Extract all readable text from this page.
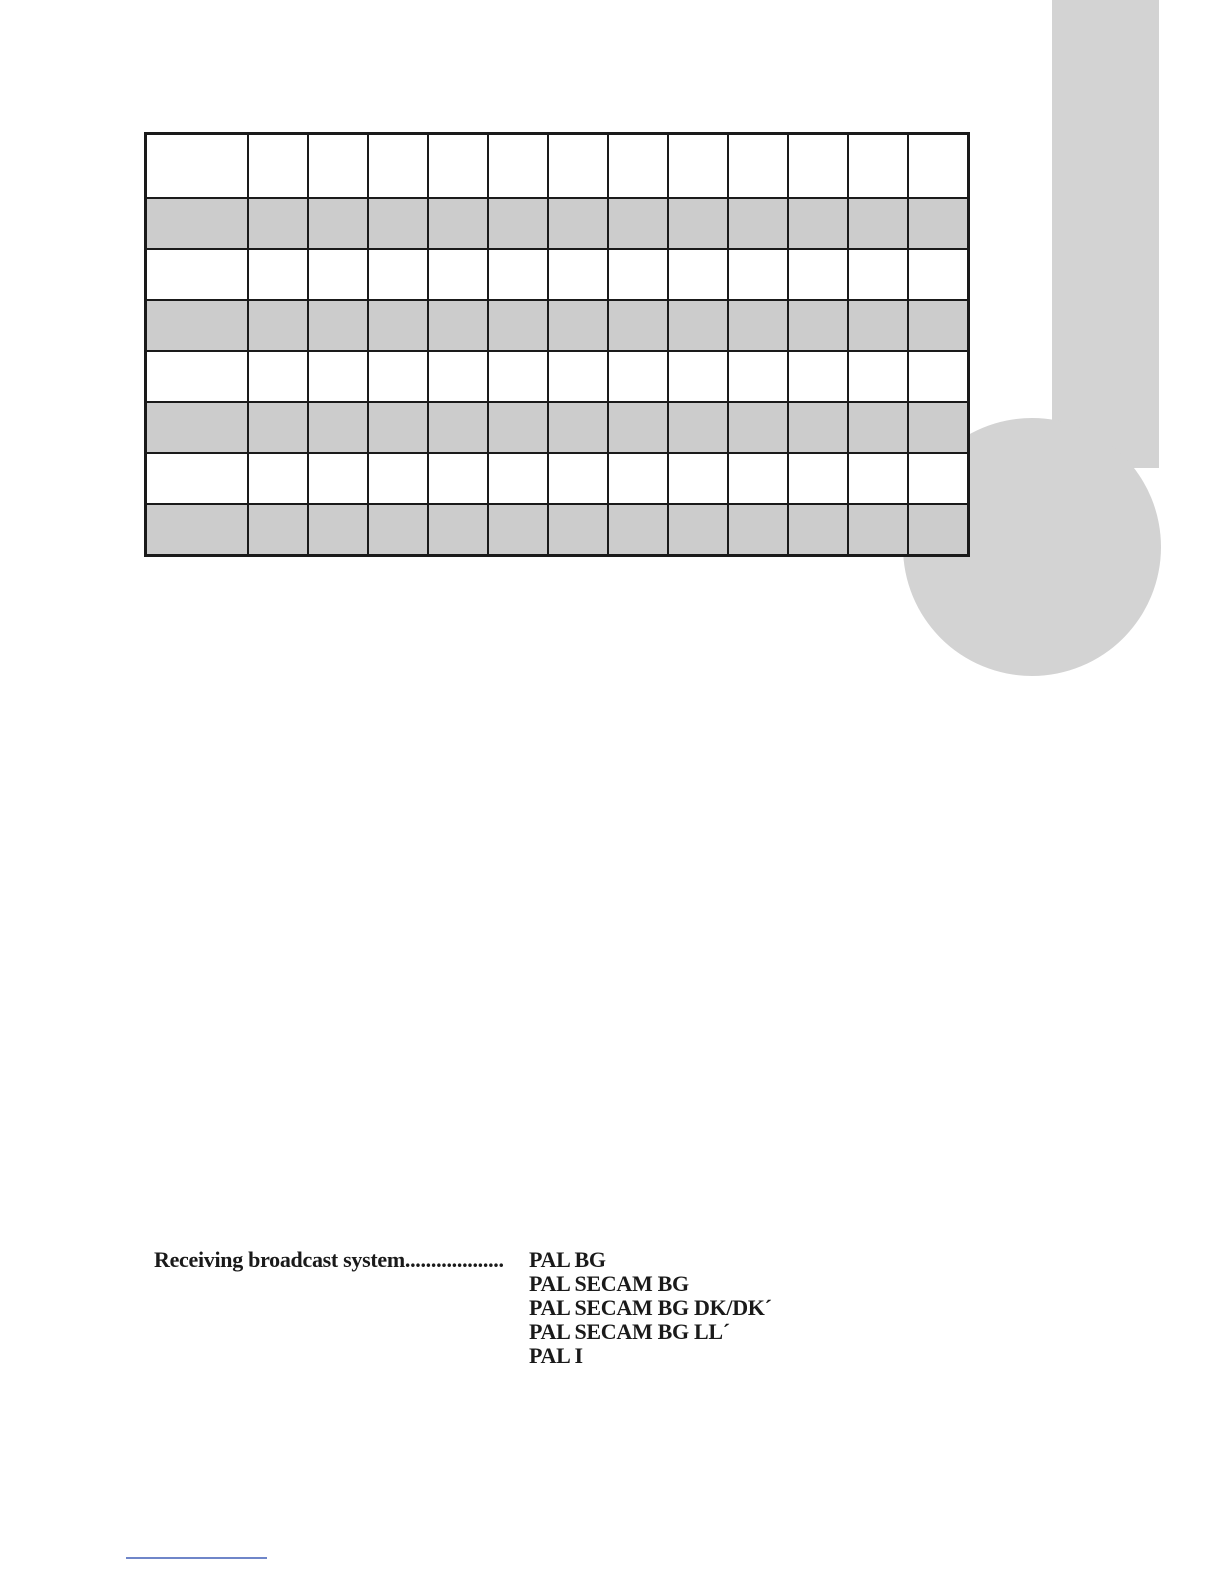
Receiving broadcast system................... PAL BG
PAL SECAM BG
PAL SECAM BG DK/DK´
PAL SECAM BG LL´
PAL I
